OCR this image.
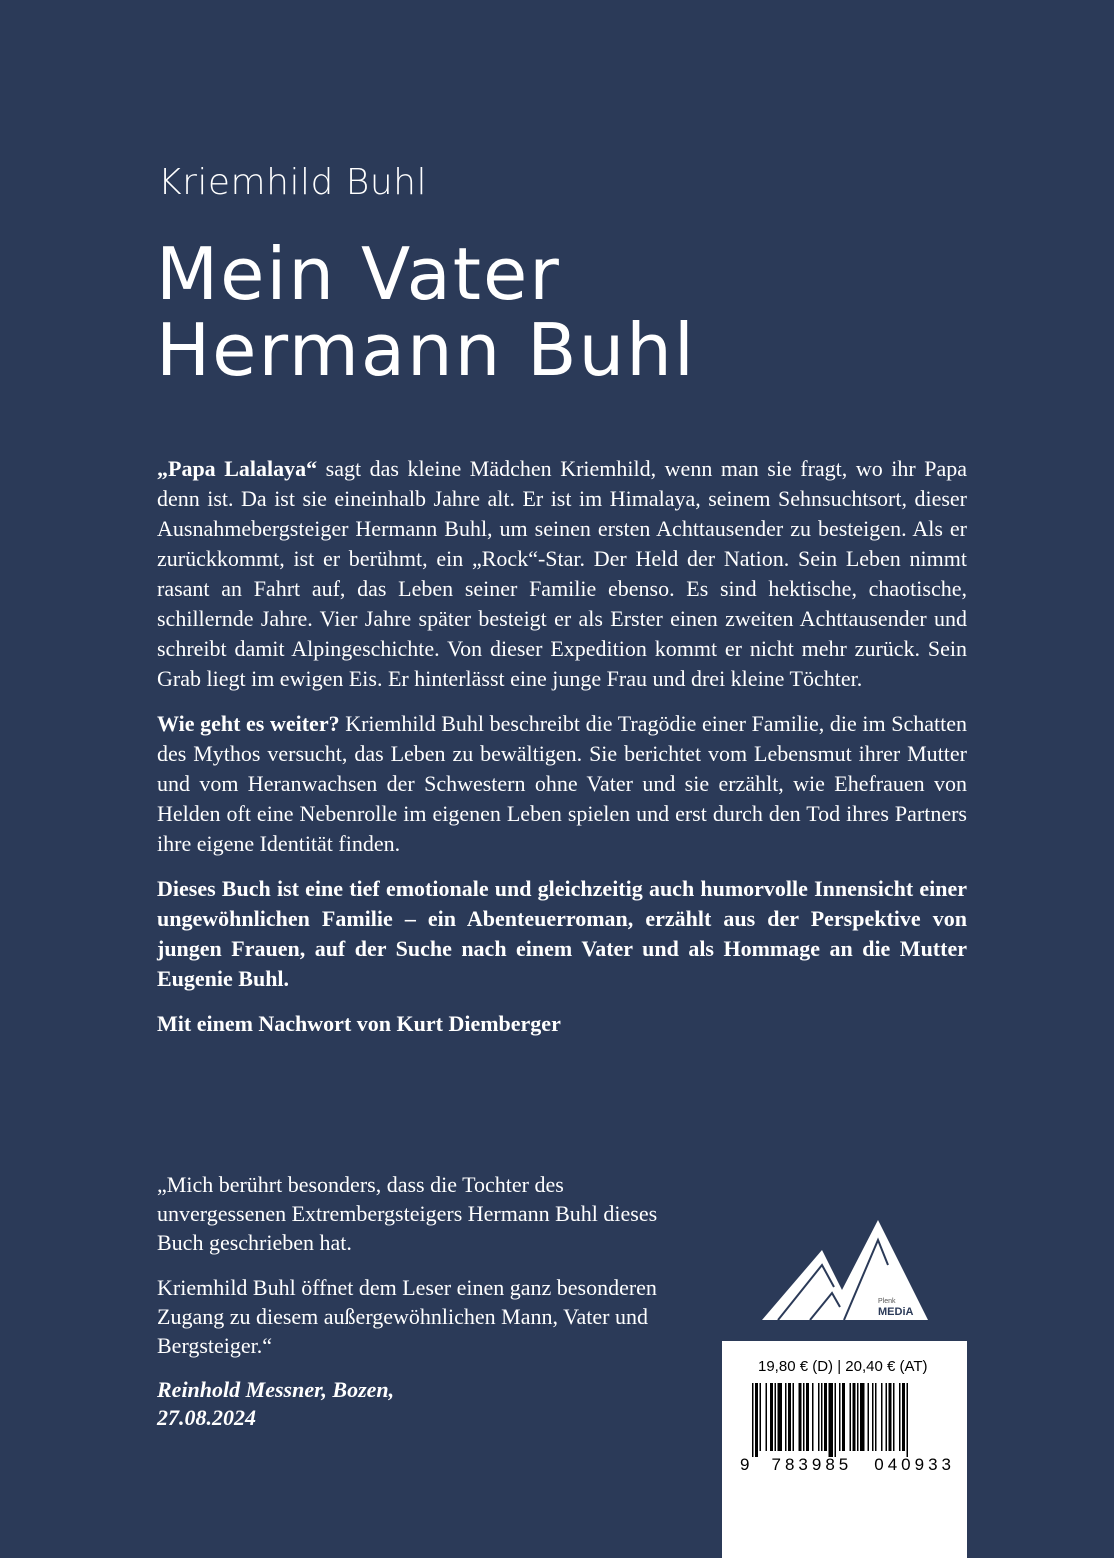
Kriemhild Buhl
Mein Vater
Hermann Buhl

„Papa Lalalaya“ sagt das kleine Mädchen Kriemhild, wenn man sie fragt, wo ihr Papa denn ist. Da ist sie eineinhalb Jahre alt. Er ist im Himalaya, seinem Sehnsuchtsort, dieser Ausnahmebergsteiger Hermann Buhl, um seinen ersten Achttausender zu besteigen. Als er zurückkommt, ist er berühmt, ein „Rock“-Star. Der Held der Nation. Sein Leben nimmt rasant an Fahrt auf, das Leben seiner Familie ebenso. Es sind hektische, chaotische, schillernde Jahre. Vier Jahre später besteigt er als Erster einen zweiten Achttausender und schreibt damit Alpingeschichte. Von dieser Expedition kommt er nicht mehr zurück. Sein Grab liegt im ewigen Eis. Er hinterlässt eine junge Frau und drei kleine Töchter.

Wie geht es weiter? Kriemhild Buhl beschreibt die Tragödie einer Familie, die im Schatten des Mythos versucht, das Leben zu bewältigen. Sie berichtet vom Lebensmut ihrer Mutter und vom Heranwachsen der Schwestern ohne Vater und sie erzählt, wie Ehefrauen von Helden oft eine Nebenrolle im eigenen Leben spielen und erst durch den Tod ihres Partners ihre eigene Identität finden.

Dieses Buch ist eine tief emotionale und gleichzeitig auch humorvolle Innensicht einer ungewöhnlichen Familie – ein Abenteuerroman, erzählt aus der Perspektive von jungen Frauen, auf der Suche nach einem Vater und als Hommage an die Mutter Eugenie Buhl.

Mit einem Nachwort von Kurt Diemberger

„Mich berührt besonders, dass die Tochter des unvergessenen Extrembergsteigers Hermann Buhl dieses Buch geschrieben hat.

Kriemhild Buhl öffnet dem Leser einen ganz besonderen Zugang zu diesem außergewöhnlichen Mann, Vater und Bergsteiger.“

Reinhold Messner, Bozen,
27.08.2024
Plenk
MEDiA
19,80 € (D) | 20,40 € (AT)
9 783985 040933
